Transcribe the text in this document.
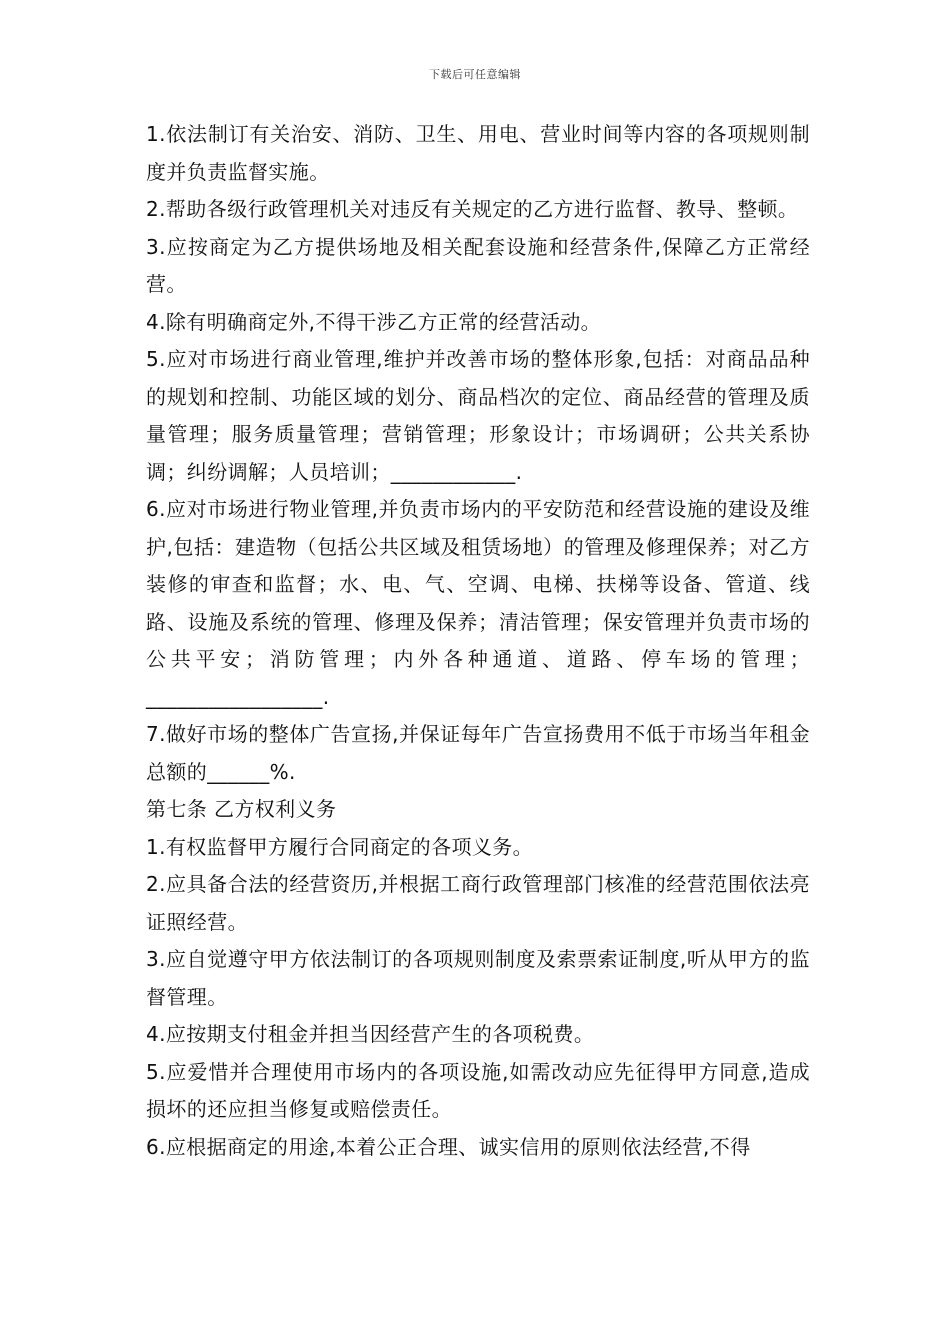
下载后可任意编辑

1.依法制订有关治安、消防、卫生、用电、营业时间等内容的各项规则制度并负责监督实施。

2.帮助各级行政管理机关对违反有关规定的乙方进行监督、教导、整顿。

3.应按商定为乙方提供场地及相关配套设施和经营条件,保障乙方正常经营。

4.除有明确商定外,不得干涉乙方正常的经营活动。

5.应对市场进行商业管理,维护并改善市场的整体形象,包括：对商品品种的规划和控制、功能区域的划分、商品档次的定位、商品经营的管理及质量管理；服务质量管理；营销管理；形象设计；市场调研；公共关系协调；纠纷调解；人员培训；____________.

6.应对市场进行物业管理,并负责市场内的平安防范和经营设施的建设及维护,包括：建造物（包括公共区域及租赁场地）的管理及修理保养；对乙方装修的审查和监督；水、电、气、空调、电梯、扶梯等设备、管道、线路、设施及系统的管理、修理及保养；清洁管理；保安管理并负责市场的公共平安；消防管理；内外各种通道、道路、停车场的管理；_________________.

7.做好市场的整体广告宣扬,并保证每年广告宣扬费用不低于市场当年租金总额的______%.

第七条 乙方权利义务

1.有权监督甲方履行合同商定的各项义务。

2.应具备合法的经营资历,并根据工商行政管理部门核准的经营范围依法亮证照经营。

3.应自觉遵守甲方依法制订的各项规则制度及索票索证制度,听从甲方的监督管理。

4.应按期支付租金并担当因经营产生的各项税费。

5.应爱惜并合理使用市场内的各项设施,如需改动应先征得甲方同意,造成损坏的还应担当修复或赔偿责任。

6.应根据商定的用途,本着公正合理、诚实信用的原则依法经营,不得
